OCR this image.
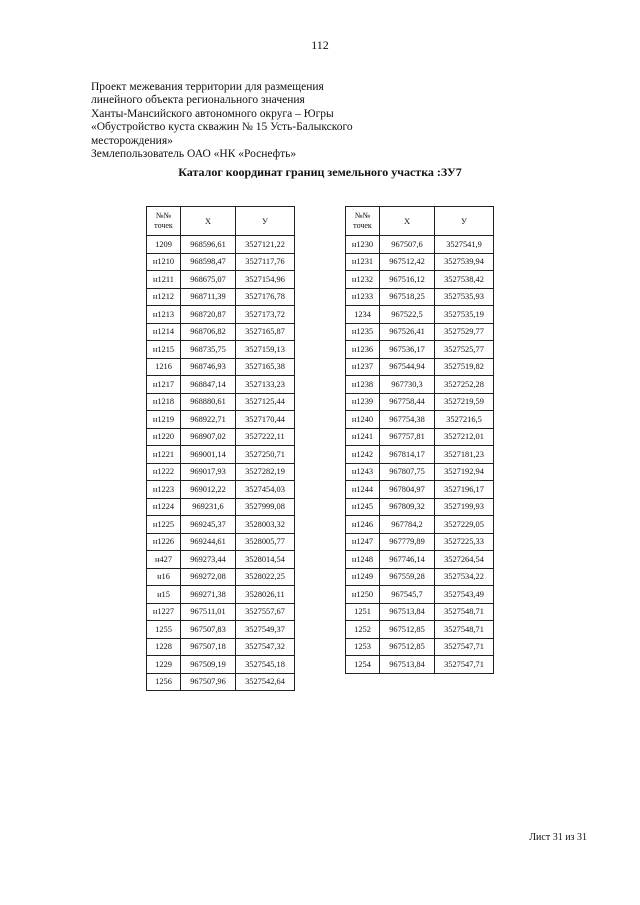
112
Проект межевания территории для размещения
линейного объекта регионального значения
Ханты-Мансийского автономного округа – Югры
«Обустройство куста скважин № 15 Усть-Балыкского
месторождения»
Землепользователь ОАО «НК «Роснефть»
Каталог координат границ земельного участка :ЗУ7
№№
точек	Х	У
1209	968596,61	3527121,22
н1210	968598,47	3527117,76
н1211	968675,07	3527154,96
н1212	968711,39	3527176,78
н1213	968720,87	3527173,72
н1214	968706,82	3527165,87
н1215	968735,75	3527159,13
1216	968746,93	3527165,38
н1217	968847,14	3527133,23
н1218	968880,61	3527125,44
н1219	968922,71	3527170,44
н1220	968907,02	3527222,11
н1221	969001,14	3527250,71
н1222	969017,93	3527282,19
н1223	969012,22	3527454,03
н1224	969231,6	3527999,08
н1225	969245,37	3528003,32
н1226	969244,61	3528005,77
н427	969273,44	3528014,54
н16	969272,08	3528022,25
н15	969271,38	3528026,11
н1227	967511,01	3527557,67
1255	967507,83	3527549,37
1228	967507,18	3527547,32
1229	967509,19	3527545,18
1256	967507,96	3527542,64
№№
точек	Х	У
н1230	967507,6	3527541,9
н1231	967512,42	3527539,94
н1232	967516,12	3527538,42
н1233	967518,25	3527535,93
1234	967522,5	3527535,19
н1235	967526,41	3527529,77
н1236	967536,17	3527525,77
н1237	967544,94	3527519,82
н1238	967730,3	3527252,28
н1239	967758,44	3527219,59
н1240	967754,38	3527216,5
н1241	967757,81	3527212,01
н1242	967814,17	3527181,23
н1243	967807,75	3527192,94
н1244	967804,97	3527196,17
н1245	967809,32	3527199,93
н1246	967784,2	3527229,05
н1247	967779,89	3527225,33
н1248	967746,14	3527264,54
н1249	967559,28	3527534,22
н1250	967545,7	3527543,49
1251	967513,84	3527548,71
1252	967512,85	3527548,71
1253	967512,85	3527547,71
1254	967513,84	3527547,71
Лист 31 из 31
